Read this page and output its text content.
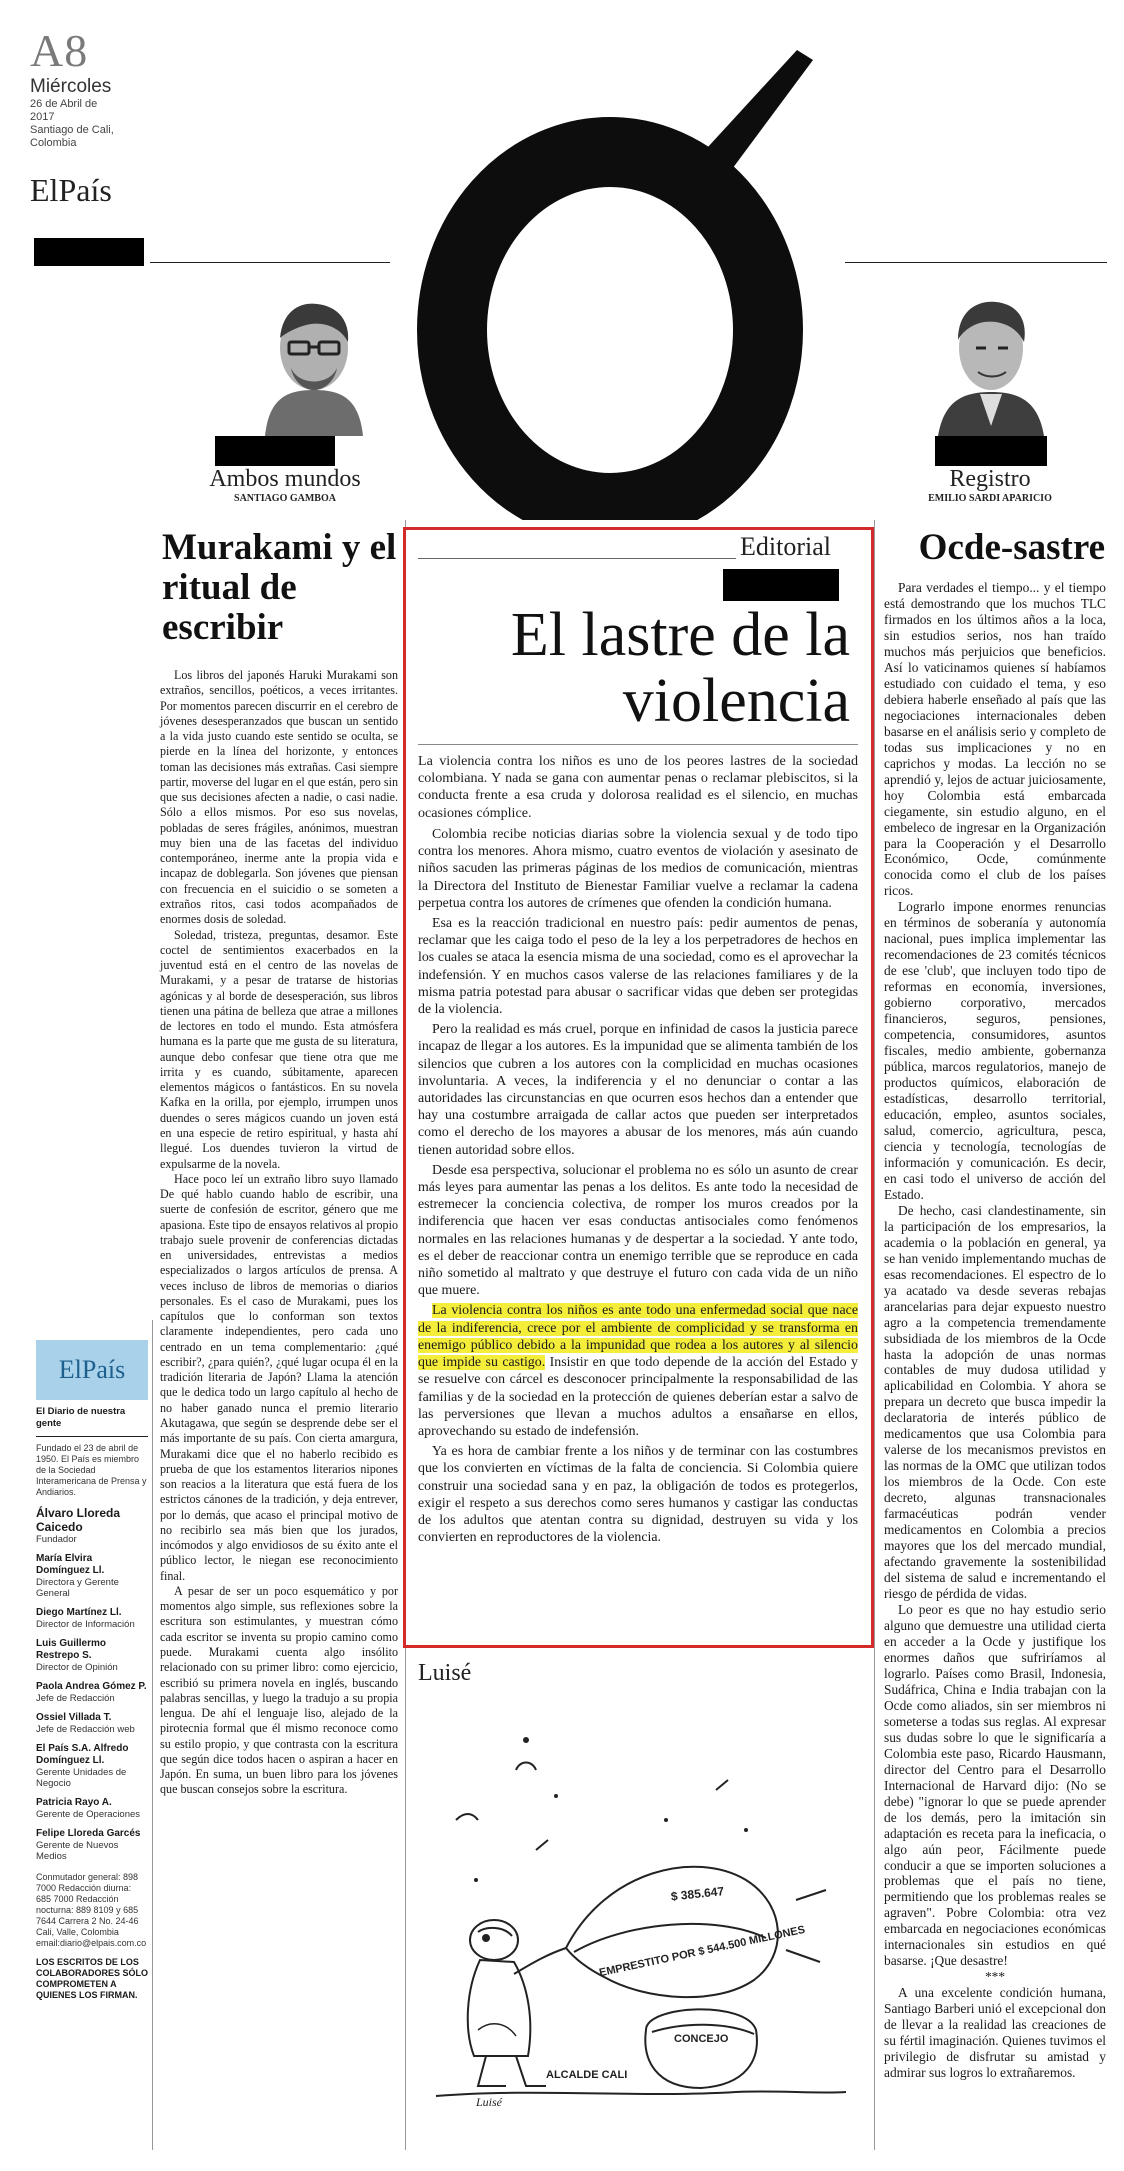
A8
Miércoles
26 de Abril de 2017
Santiago de Cali, Colombia
ElPaís
Ambos mundos
SANTIAGO GAMBOA
Murakami y el ritual de escribir

Los libros del japonés Haruki Murakami son extraños, sencillos, poéticos, a veces irritantes. Por momentos parecen discurrir en el cerebro de jóvenes desesperanzados que buscan un sentido a la vida justo cuando este sentido se oculta, se pierde en la línea del horizonte, y entonces toman las decisiones más extrañas. Casi siempre partir, moverse del lugar en el que están, pero sin que sus decisiones afecten a nadie, o casi nadie. Sólo a ellos mismos. Por eso sus novelas, pobladas de seres frágiles, anónimos, muestran muy bien una de las facetas del individuo contemporáneo, inerme ante la propia vida e incapaz de doblegarla. Son jóvenes que piensan con frecuencia en el suicidio o se someten a extraños ritos, casi todos acompañados de enormes dosis de soledad.

Soledad, tristeza, preguntas, desamor. Este coctel de sentimientos exacerbados en la juventud está en el centro de las novelas de Murakami, y a pesar de tratarse de historias agónicas y al borde de desesperación, sus libros tienen una pátina de belleza que atrae a millones de lectores en todo el mundo. Esta atmósfera humana es la parte que me gusta de su literatura, aunque debo confesar que tiene otra que me irrita y es cuando, súbitamente, aparecen elementos mágicos o fantásticos. En su novela Kafka en la orilla, por ejemplo, irrumpen unos duendes o seres mágicos cuando un joven está en una especie de retiro espiritual, y hasta ahí llegué. Los duendes tuvieron la virtud de expulsarme de la novela.

Hace poco leí un extraño libro suyo llamado De qué hablo cuando hablo de escribir, una suerte de confesión de escritor, género que me apasiona. Este tipo de ensayos relativos al propio trabajo suele provenir de conferencias dictadas en universidades, entrevistas a medios especializados o largos artículos de prensa. A veces incluso de libros de memorias o diarios personales. Es el caso de Murakami, pues los capítulos que lo conforman son textos claramente independientes, pero cada uno centrado en un tema complementario: ¿qué escribir?, ¿para quién?, ¿qué lugar ocupa él en la tradición literaria de Japón? Llama la atención que le dedica todo un largo capítulo al hecho de no haber ganado nunca el premio literario Akutagawa, que según se desprende debe ser el más importante de su país. Con cierta amargura, Murakami dice que el no haberlo recibido es prueba de que los estamentos literarios nipones son reacios a la literatura que está fuera de los estrictos cánones de la tradición, y deja entrever, por lo demás, que acaso el principal motivo de no recibirlo sea más bien que los jurados, incómodos y algo envidiosos de su éxito ante el público lector, le niegan ese reconocimiento final.

A pesar de ser un poco esquemático y por momentos algo simple, sus reflexiones sobre la escritura son estimulantes, y muestran cómo cada escritor se inventa su propio camino como puede. Murakami cuenta algo insólito relacionado con su primer libro: como ejercicio, escribió su primera novela en inglés, buscando palabras sencillas, y luego la tradujo a su propia lengua. De ahí el lenguaje liso, alejado de la pirotecnia formal que él mismo reconoce como su estilo propio, y que contrasta con la escritura que según dice todos hacen o aspiran a hacer en Japón. En suma, un buen libro para los jóvenes que buscan consejos sobre la escritura.

ElPaís
El Diario de nuestra gente
Fundado el 23 de abril de 1950. El País es miembro de la Sociedad Interamericana de Prensa y Andiarios.
Álvaro Lloreda Caicedo
Fundador
María Elvira Domínguez Ll.
Directora y Gerente General
Diego Martínez Ll.
Director de Información
Luis Guillermo Restrepo S.
Director de Opinión
Paola Andrea Gómez P.
Jefe de Redacción
Ossiel Villada T.
Jefe de Redacción web
El País S.A. Alfredo Domínguez Ll.
Gerente Unidades de Negocio
Patricia Rayo A.
Gerente de Operaciones
Felipe Lloreda Garcés
Gerente de Nuevos Medios
Conmutador general: 898 7000 Redacción diurna: 685 7000 Redacción nocturna: 889 8109 y 685 7644 Carrera 2 No. 24-46 Cali, Valle, Colombia email:diario@elpais.com.co
LOS ESCRITOS DE LOS COLABORADORES SÓLO COMPROMETEN A QUIENES LOS FIRMAN.
Editorial
El lastre de la violencia
La violencia contra los niños es uno de los peores lastres de la sociedad colombiana. Y nada se gana con aumentar penas o reclamar plebiscitos, si la conducta frente a esa cruda y dolorosa realidad es el silencio, en muchas ocasiones cómplice.

Colombia recibe noticias diarias sobre la violencia sexual y de todo tipo contra los menores. Ahora mismo, cuatro eventos de violación y asesinato de niños sacuden las primeras páginas de los medios de comunicación, mientras la Directora del Instituto de Bienestar Familiar vuelve a reclamar la cadena perpetua contra los autores de crímenes que ofenden la condición humana.

Esa es la reacción tradicional en nuestro país: pedir aumentos de penas, reclamar que les caiga todo el peso de la ley a los perpetradores de hechos en los cuales se ataca la esencia misma de una sociedad, como es el aprovechar la indefensión. Y en muchos casos valerse de las relaciones familiares y de la misma patria potestad para abusar o sacrificar vidas que deben ser protegidas de la violencia.

Pero la realidad es más cruel, porque en infinidad de casos la justicia parece incapaz de llegar a los autores. Es la impunidad que se alimenta también de los silencios que cubren a los autores con la complicidad en muchas ocasiones involuntaria. A veces, la indiferencia y el no denunciar o contar a las autoridades las circunstancias en que ocurren esos hechos dan a entender que hay una costumbre arraigada de callar actos que pueden ser interpretados como el derecho de los mayores a abusar de los menores, más aún cuando tienen autoridad sobre ellos.

Desde esa perspectiva, solucionar el problema no es sólo un asunto de crear más leyes para aumentar las penas a los delitos. Es ante todo la necesidad de estremecer la conciencia colectiva, de romper los muros creados por la indiferencia que hacen ver esas conductas antisociales como fenómenos normales en las relaciones humanas y de despertar a la sociedad. Y ante todo, es el deber de reaccionar contra un enemigo terrible que se reproduce en cada niño sometido al maltrato y que destruye el futuro con cada vida de un niño que muere.

La violencia contra los niños es ante todo una enfermedad social que nace de la indiferencia, crece por el ambiente de complicidad y se transforma en enemigo público debido a la impunidad que rodea a los autores y al silencio que impide su castigo. Insistir en que todo depende de la acción del Estado y se resuelve con cárcel es desconocer principalmente la responsabilidad de las familias y de la sociedad en la protección de quienes deberían estar a salvo de las perversiones que llevan a muchos adultos a ensañarse en ellos, aprovechando su estado de indefensión.

Ya es hora de cambiar frente a los niños y de terminar con las costumbres que los convierten en víctimas de la falta de conciencia. Si Colombia quiere construir una sociedad sana y en paz, la obligación de todos es protegerlos, exigir el respeto a sus derechos como seres humanos y castigar las conductas de los adultos que atentan contra su dignidad, destruyen su vida y los convierten en reproductores de la violencia.

Luisé
EMPRESTITO POR $ 544.500 MILLONES
$ 385.647
CONCEJO
ALCALDE CALI
Luisé
Registro
EMILIO SARDI APARICIO
Ocde-sastre

Para verdades el tiempo... y el tiempo está demostrando que los muchos TLC firmados en los últimos años a la loca, sin estudios serios, nos han traído muchos más perjuicios que beneficios. Así lo vaticinamos quienes sí habíamos estudiado con cuidado el tema, y eso debiera haberle enseñado al país que las negociaciones internacionales deben basarse en el análisis serio y completo de todas sus implicaciones y no en caprichos y modas. La lección no se aprendió y, lejos de actuar juiciosamente, hoy Colombia está embarcada ciegamente, sin estudio alguno, en el embeleco de ingresar en la Organización para la Cooperación y el Desarrollo Económico, Ocde, comúnmente conocida como el club de los países ricos.

Lograrlo impone enormes renuncias en términos de soberanía y autonomía nacional, pues implica implementar las recomendaciones de 23 comités técnicos de ese 'club', que incluyen todo tipo de reformas en economía, inversiones, gobierno corporativo, mercados financieros, seguros, pensiones, competencia, consumidores, asuntos fiscales, medio ambiente, gobernanza pública, marcos regulatorios, manejo de productos químicos, elaboración de estadísticas, desarrollo territorial, educación, empleo, asuntos sociales, salud, comercio, agricultura, pesca, ciencia y tecnología, tecnologías de información y comunicación. Es decir, en casi todo el universo de acción del Estado.

De hecho, casi clandestinamente, sin la participación de los empresarios, la academia o la población en general, ya se han venido implementando muchas de esas recomendaciones. El espectro de lo ya acatado va desde severas rebajas arancelarias para dejar expuesto nuestro agro a la competencia tremendamente subsidiada de los miembros de la Ocde hasta la adopción de unas normas contables de muy dudosa utilidad y aplicabilidad en Colombia. Y ahora se prepara un decreto que busca impedir la declaratoria de interés público de medicamentos que usa Colombia para valerse de los mecanismos previstos en las normas de la OMC que utilizan todos los miembros de la Ocde. Con este decreto, algunas transnacionales farmacéuticas podrán vender medicamentos en Colombia a precios mayores que los del mercado mundial, afectando gravemente la sostenibilidad del sistema de salud e incrementando el riesgo de pérdida de vidas.

Lo peor es que no hay estudio serio alguno que demuestre una utilidad cierta en acceder a la Ocde y justifique los enormes daños que sufriríamos al lograrlo. Países como Brasil, Indonesia, Sudáfrica, China e India trabajan con la Ocde como aliados, sin ser miembros ni someterse a todas sus reglas. Al expresar sus dudas sobre lo que le significaría a Colombia este paso, Ricardo Hausmann, director del Centro para el Desarrollo Internacional de Harvard dijo: (No se debe) "ignorar lo que se puede aprender de los demás, pero la imitación sin adaptación es receta para la ineficacia, o algo aún peor, Fácilmente puede conducir a que se importen soluciones a problemas que el país no tiene, permitiendo que los problemas reales se agraven". Pobre Colombia: otra vez embarcada en negociaciones económicas internacionales sin estudios en qué basarse. ¡Que desastre!

***

A una excelente condición humana, Santiago Barberi unió el excepcional don de llevar a la realidad las creaciones de su fértil imaginación. Quienes tuvimos el privilegio de disfrutar su amistad y admirar sus logros lo extrañaremos.
